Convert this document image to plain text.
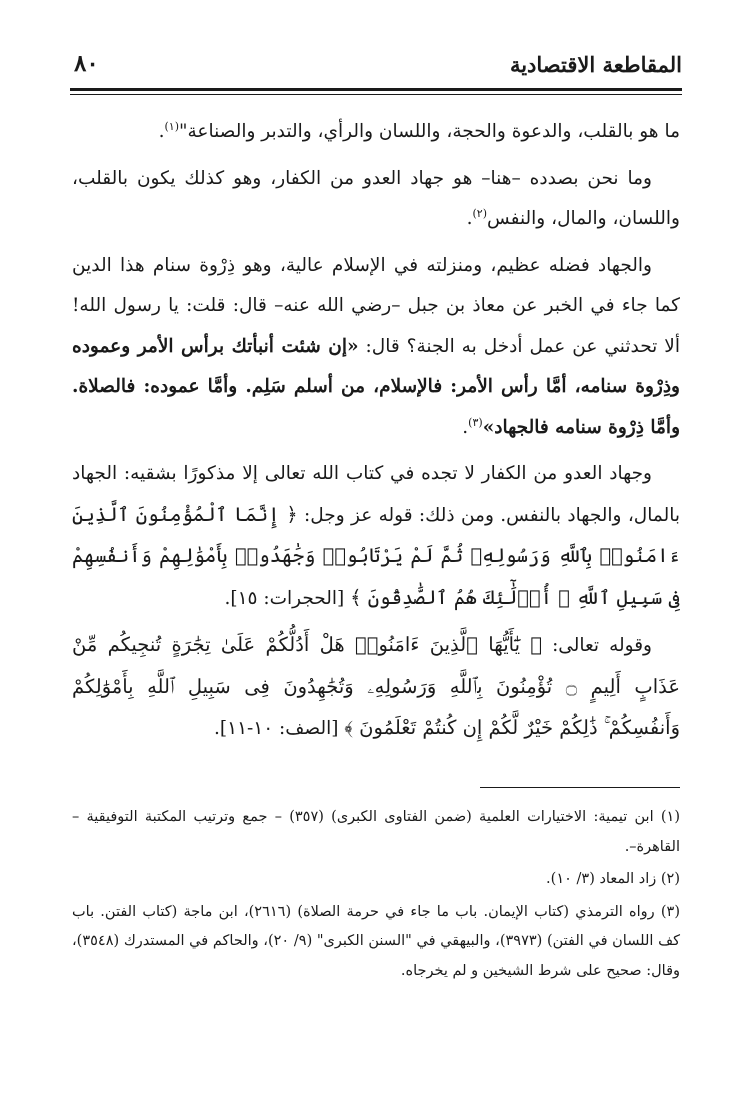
المقاطعة الاقتصادية
٨٠

ما هو بالقلب، والدعوة والحجة، واللسان والرأي، والتدبر والصناعة"$^{(١)}$.

وما نحن بصدده –هنا– هو جهاد العدو من الكفار، وهو كذلك يكون بالقلب، واللسان، والمال، والنفس$^{(٢)}$.

والجهاد فضله عظيم، ومنزلته في الإسلام عالية، وهو ذِرْوة سنام هذا الدين كما جاء في الخبر عن معاذ بن جبل –رضي الله عنه– قال: قلت: يا رسول الله! ألا تحدثني عن عمل أدخل به الجنة؟ قال: «إن شئت أنبأتك برأس الأمر وعموده وذِرْوة سنامه، أمَّا رأس الأمر: فالإسلام، من أسلم سَلِم. وأمَّا عموده: فالصلاة. وأمَّا ذِرْوة سنامه فالجهاد»$^{(٣)}$.

وجهاد العدو من الكفار لا تجده في كتاب الله تعالى إلا مذكورًا بشقيه: الجهاد بالمال، والجهاد بالنفس. ومن ذلك: قوله عز وجل: ﴿ إِنَّمَا ٱلْمُؤْمِنُونَ ٱلَّذِينَ ءَامَنُوا۟ بِٱللَّهِ وَرَسُولِهِۦ ثُمَّ لَمْ يَرْتَابُوا۟ وَجَٰهَدُوا۟ بِأَمْوَٰلِهِمْ وَأَنفُسِهِمْ فِى سَبِيلِ ٱللَّهِ ۚ أُو۟لَٰٓئِكَ هُمُ ٱلصَّٰدِقُونَ ﴾ [الحجرات: ١٥].

وقوله تعالى: ﴿ يَٰٓأَيُّهَا ٱلَّذِينَ ءَامَنُوا۟ هَلْ أَدُلُّكُمْ عَلَىٰ تِجَٰرَةٍ تُنجِيكُم مِّنْ عَذَابٍ أَلِيمٍ ۝ تُؤْمِنُونَ بِٱللَّهِ وَرَسُولِهِۦ وَتُجَٰهِدُونَ فِى سَبِيلِ ٱللَّهِ بِأَمْوَٰلِكُمْ وَأَنفُسِكُمْ ۚ ذَٰلِكُمْ خَيْرٌ لَّكُمْ إِن كُنتُمْ تَعْلَمُونَ ﴾ [الصف: ١٠-١١].

(١) ابن تيمية: الاختيارات العلمية (ضمن الفتاوى الكبرى) (٣٥٧) – جمع وترتيب المكتبة التوفيقية – القاهرة–.

(٢) زاد المعاد (٣/ ١٠).

(٣) رواه الترمذي (كتاب الإيمان. باب ما جاء في حرمة الصلاة) (٢٦١٦)، ابن ماجة (كتاب الفتن. باب كف اللسان في الفتن) (٣٩٧٣)، والبيهقي في "السنن الكبرى" (٩/ ٢٠)، والحاكم في المستدرك (٣٥٤٨)، وقال: صحيح على شرط الشيخين و لم يخرجاه.
